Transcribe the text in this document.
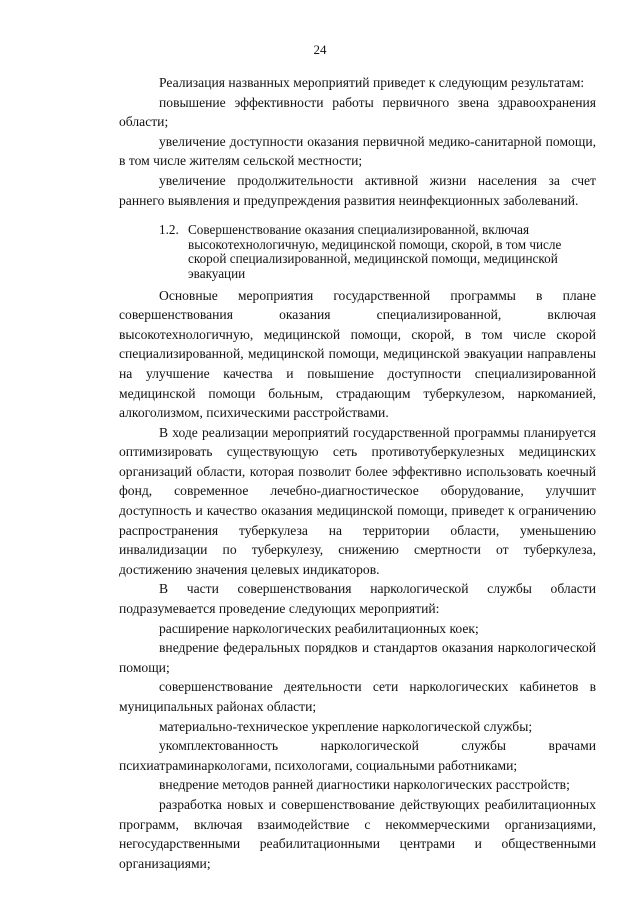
24

Реализация названных мероприятий приведет к следующим результатам:

повышение эффективности работы первичного звена здравоохранения области;

увеличение доступности оказания первичной медико-санитарной помощи, в том числе жителям сельской местности;

увеличение продолжительности активной жизни населения за счет раннего выявления и предупреждения развития неинфекционных заболеваний.

1.2. Совершенствование оказания специализированной, включая высокотехнологичную, медицинской помощи, скорой, в том числе скорой специализированной, медицинской помощи, медицинской эвакуации

Основные мероприятия государственной программы в плане совершенствования оказания специализированной, включая высокотехнологичную, медицинской помощи, скорой, в том числе скорой специализированной, медицинской помощи, медицинской эвакуации направлены на улучшение качества и повышение доступности специализированной медицинской помощи больным, страдающим туберкулезом, наркоманией, алкоголизмом, психическими расстройствами.

В ходе реализации мероприятий государственной программы планируется оптимизировать существующую сеть противотуберкулезных медицинских организаций области, которая позволит более эффективно использовать коечный фонд, современное лечебно-диагностическое оборудование, улучшит доступность и качество оказания медицинской помощи, приведет к ограничению распространения туберкулеза на территории области, уменьшению инвалидизации по туберкулезу, снижению смертности от туберкулеза, достижению значения целевых индикаторов.

В части совершенствования наркологической службы области подразумевается проведение следующих мероприятий:

расширение наркологических реабилитационных коек;

внедрение федеральных порядков и стандартов оказания наркологической помощи;

совершенствование деятельности сети наркологических кабинетов в муниципальных районах области;

материально-техническое укрепление наркологической службы;

укомплектованность наркологической службы врачами психиатраминаркологами, психологами, социальными работниками;

внедрение методов ранней диагностики наркологических расстройств;

разработка новых и совершенствование действующих реабилитационных программ, включая взаимодействие с некоммерческими организациями, негосударственными реабилитационными центрами и общественными организациями;
